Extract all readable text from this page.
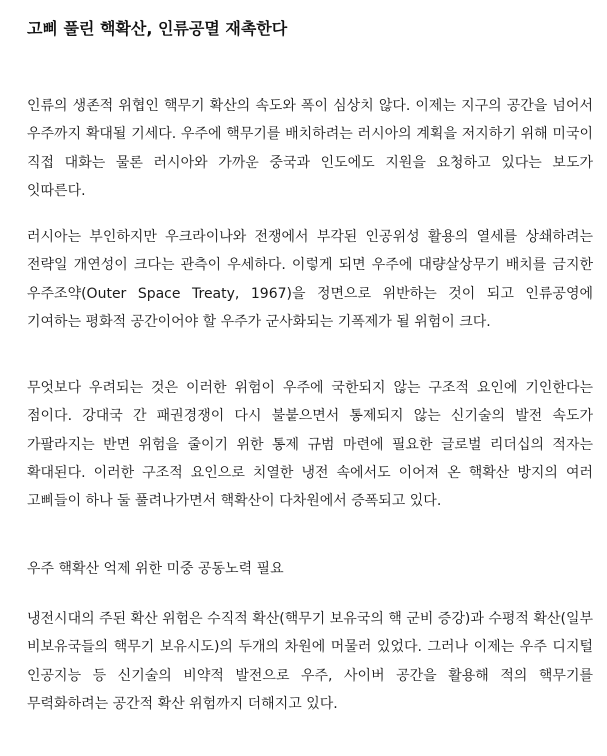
고삐 풀린 핵확산, 인류공멸 재촉한다

인류의 생존적 위협인 핵무기 확산의 속도와 폭이 심상치 않다. 이제는 지구의 공간을 넘어서 우주까지 확대될 기세다. 우주에 핵무기를 배치하려는 러시아의 계획을 저지하기 위해 미국이 직접 대화는 물론 러시아와 가까운 중국과 인도에도 지원을 요청하고 있다는 보도가 잇따른다.

러시아는 부인하지만 우크라이나와 전쟁에서 부각된 인공위성 활용의 열세를 상쇄하려는 전략일 개연성이 크다는 관측이 우세하다. 이렇게 되면 우주에 대량살상무기 배치를 금지한 우주조약(Outer Space Treaty, 1967)을 정면으로 위반하는 것이 되고 인류공영에 기여하는 평화적 공간이어야 할 우주가 군사화되는 기폭제가 될 위험이 크다.

무엇보다 우려되는 것은 이러한 위험이 우주에 국한되지 않는 구조적 요인에 기인한다는 점이다. 강대국 간 패권경쟁이 다시 불붙으면서 통제되지 않는 신기술의 발전 속도가 가팔라지는 반면 위험을 줄이기 위한 통제 규범 마련에 필요한 글로벌 리더십의 적자는 확대된다. 이러한 구조적 요인으로 치열한 냉전 속에서도 이어져 온 핵확산 방지의 여러 고삐들이 하나 둘 풀려나가면서 핵확산이 다차원에서 증폭되고 있다.

우주 핵확산 억제 위한 미중 공동노력 필요

냉전시대의 주된 확산 위험은 수직적 확산(핵무기 보유국의 핵 군비 증강)과 수평적 확산(일부 비보유국들의 핵무기 보유시도)의 두개의 차원에 머물러 있었다. 그러나 이제는 우주 디지털 인공지능 등 신기술의 비약적 발전으로 우주, 사이버 공간을 활용해 적의 핵무기를 무력화하려는 공간적 확산 위험까지 더해지고 있다.
